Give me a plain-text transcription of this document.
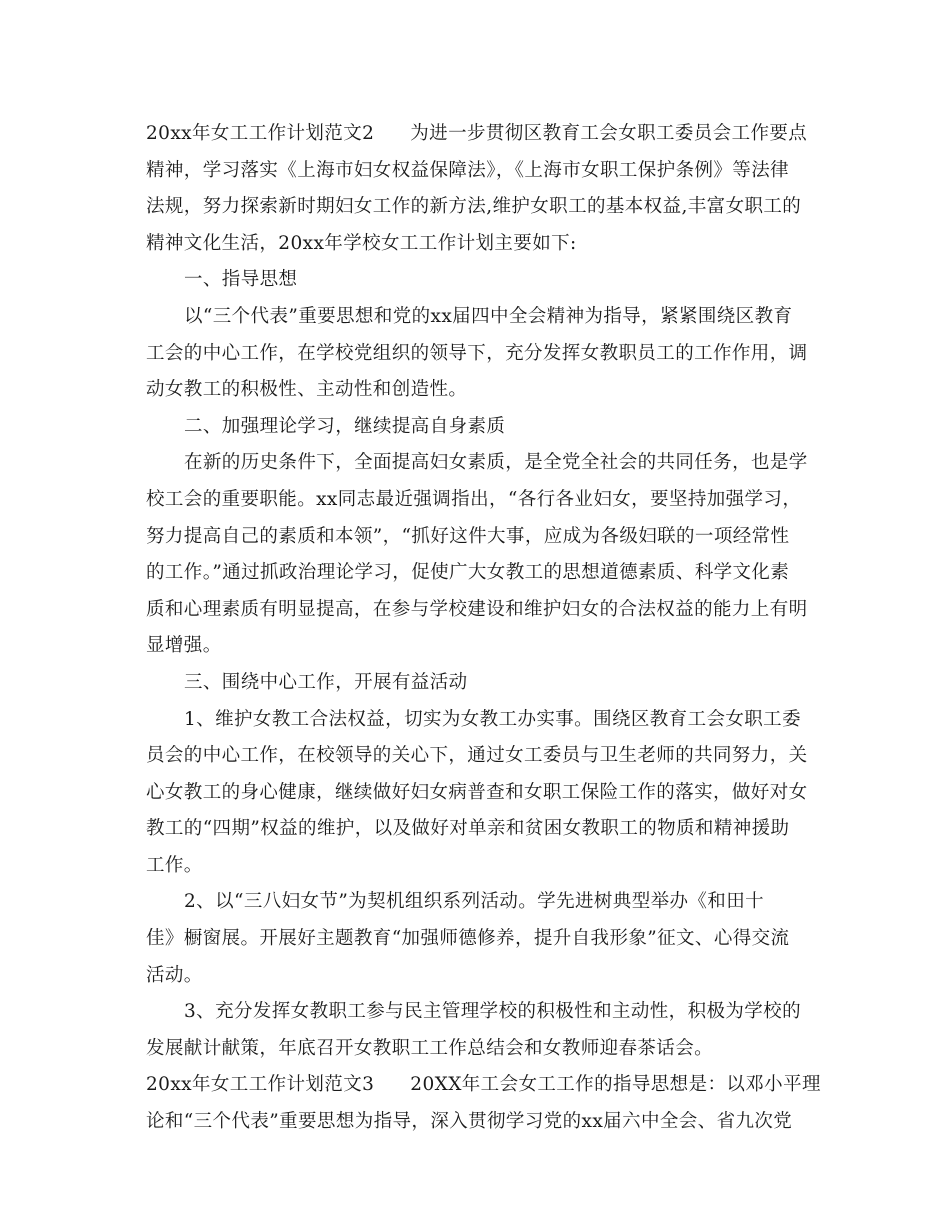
20xx年女工工作计划范文2 为进一步贯彻区教育工会女职工委员会工作要点
精神，学习落实《上海市妇女权益保障法》，《上海市女职工保护条例》等法律
法规，努力探索新时期妇女工作的新方法,维护女职工的基本权益,丰富女职工的
精神文化生活，20xx年学校女工工作计划主要如下:

一、指导思想

以“三个代表”重要思想和党的xx届四中全会精神为指导，紧紧围绕区教育
工会的中心工作，在学校党组织的领导下，充分发挥女教职员工的工作作用，调
动女教工的积极性、主动性和创造性。

二、加强理论学习，继续提高自身素质

在新的历史条件下，全面提高妇女素质，是全党全社会的共同任务，也是学
校工会的重要职能。xx同志最近强调指出，“各行各业妇女，要坚持加强学习，
努力提高自己的素质和本领”，“抓好这件大事，应成为各级妇联的一项经常性
的工作。”通过抓政治理论学习，促使广大女教工的思想道德素质、科学文化素
质和心理素质有明显提高，在参与学校建设和维护妇女的合法权益的能力上有明
显增强。

三、围绕中心工作，开展有益活动

1、维护女教工合法权益，切实为女教工办实事。围绕区教育工会女职工委
员会的中心工作，在校领导的关心下，通过女工委员与卫生老师的共同努力，关
心女教工的身心健康，继续做好妇女病普查和女职工保险工作的落实，做好对女
教工的“四期”权益的维护，以及做好对单亲和贫困女教职工的物质和精神援助
工作。

2、以“三八妇女节”为契机组织系列活动。学先进树典型举办《和田十
佳》橱窗展。开展好主题教育“加强师德修养，提升自我形象”征文、心得交流
活动。

3、充分发挥女教职工参与民主管理学校的积极性和主动性，积极为学校的
发展献计献策，年底召开女教职工工作总结会和女教师迎春茶话会。

20xx年女工工作计划范文3 20XX年工会女工工作的指导思想是：以邓小平理
论和“三个代表”重要思想为指导，深入贯彻学习党的xx届六中全会、省九次党
